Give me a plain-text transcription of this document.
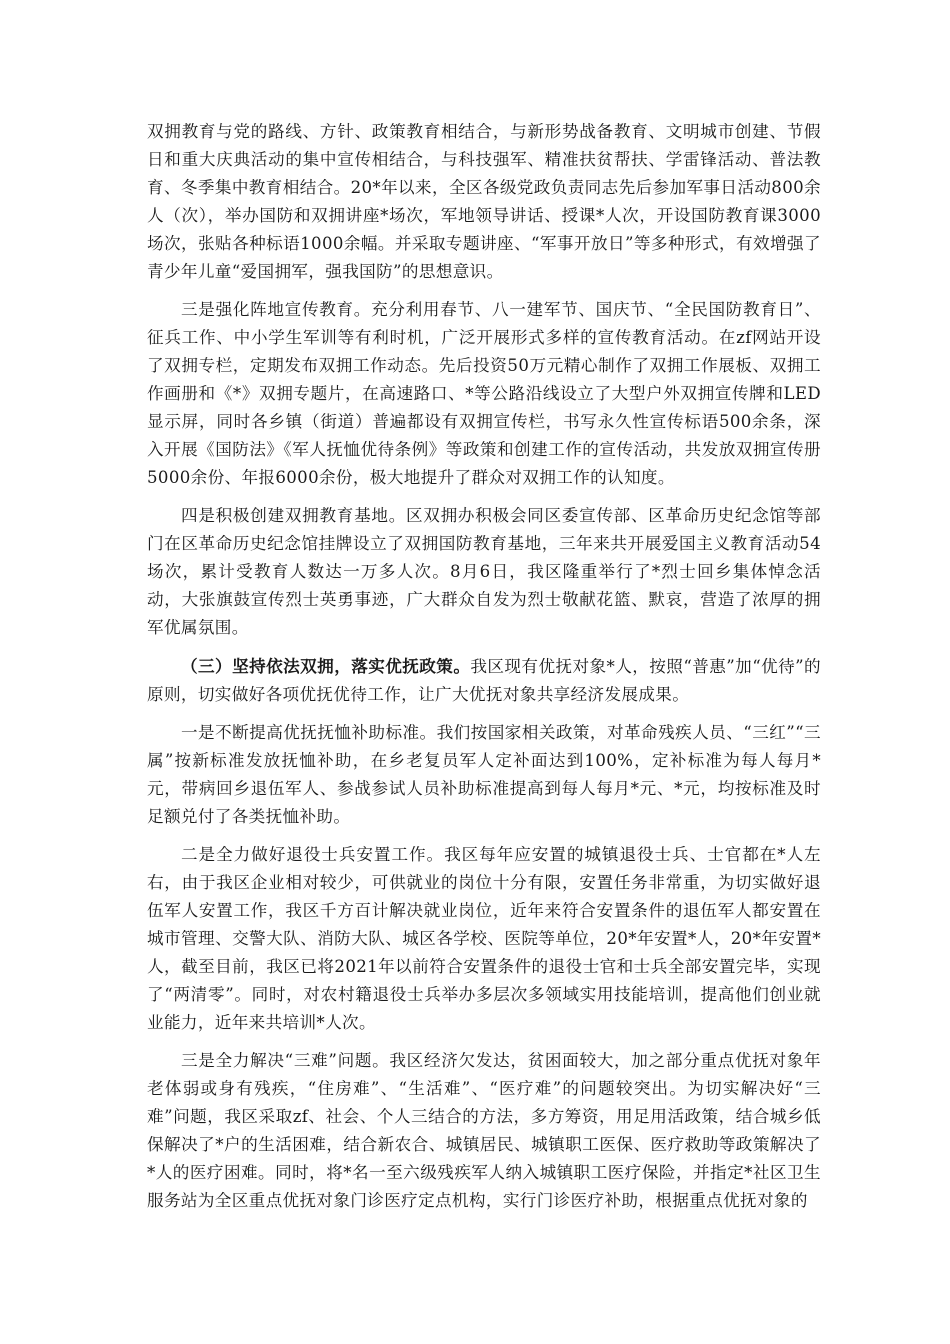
双拥教育与党的路线、方针、政策教育相结合，与新形势战备教育、文明城市创建、节假日和重大庆典活动的集中宣传相结合，与科技强军、精准扶贫帮扶、学雷锋活动、普法教育、冬季集中教育相结合。20*年以来，全区各级党政负责同志先后参加军事日活动800余人（次），举办国防和双拥讲座*场次，军地领导讲话、授课*人次，开设国防教育课3000场次，张贴各种标语1000余幅。并采取专题讲座、“军事开放日”等多种形式，有效增强了青少年儿童“爱国拥军，强我国防”的思想意识。

三是强化阵地宣传教育。充分利用春节、八一建军节、国庆节、“全民国防教育日”、征兵工作、中小学生军训等有利时机，广泛开展形式多样的宣传教育活动。在zf网站开设了双拥专栏，定期发布双拥工作动态。先后投资50万元精心制作了双拥工作展板、双拥工作画册和《*》双拥专题片，在高速路口、*等公路沿线设立了大型户外双拥宣传牌和LED显示屏，同时各乡镇（街道）普遍都设有双拥宣传栏，书写永久性宣传标语500余条，深入开展《国防法》《军人抚恤优待条例》等政策和创建工作的宣传活动，共发放双拥宣传册5000余份、年报6000余份，极大地提升了群众对双拥工作的认知度。

四是积极创建双拥教育基地。区双拥办积极会同区委宣传部、区革命历史纪念馆等部门在区革命历史纪念馆挂牌设立了双拥国防教育基地，三年来共开展爱国主义教育活动54场次，累计受教育人数达一万多人次。8月6日，我区隆重举行了*烈士回乡集体悼念活动，大张旗鼓宣传烈士英勇事迹，广大群众自发为烈士敬献花篮、默哀，营造了浓厚的拥军优属氛围。

（三）坚持依法双拥，落实优抚政策。我区现有优抚对象*人，按照“普惠”加“优待”的原则，切实做好各项优抚优待工作，让广大优抚对象共享经济发展成果。

一是不断提高优抚抚恤补助标准。我们按国家相关政策，对革命残疾人员、“三红”“三属”按新标准发放抚恤补助，在乡老复员军人定补面达到100%，定补标准为每人每月*元，带病回乡退伍军人、参战参试人员补助标准提高到每人每月*元、*元，均按标准及时足额兑付了各类抚恤补助。

二是全力做好退役士兵安置工作。我区每年应安置的城镇退役士兵、士官都在*人左右，由于我区企业相对较少，可供就业的岗位十分有限，安置任务非常重，为切实做好退伍军人安置工作，我区千方百计解决就业岗位，近年来符合安置条件的退伍军人都安置在城市管理、交警大队、消防大队、城区各学校、医院等单位，20*年安置*人，20*年安置*人，截至目前，我区已将2021年以前符合安置条件的退役士官和士兵全部安置完毕，实现了“两清零”。同时，对农村籍退役士兵举办多层次多领域实用技能培训，提高他们创业就业能力，近年来共培训*人次。

三是全力解决“三难”问题。我区经济欠发达，贫困面较大，加之部分重点优抚对象年老体弱或身有残疾，“住房难”、“生活难”、“医疗难”的问题较突出。为切实解决好“三难”问题，我区采取zf、社会、个人三结合的方法，多方筹资，用足用活政策，结合城乡低保解决了*户的生活困难，结合新农合、城镇居民、城镇职工医保、医疗救助等政策解决了*人的医疗困难。同时，将*名一至六级残疾军人纳入城镇职工医疗保险，并指定*社区卫生服务站为全区重点优抚对象门诊医疗定点机构，实行门诊医疗补助，根据重点优抚对象的
